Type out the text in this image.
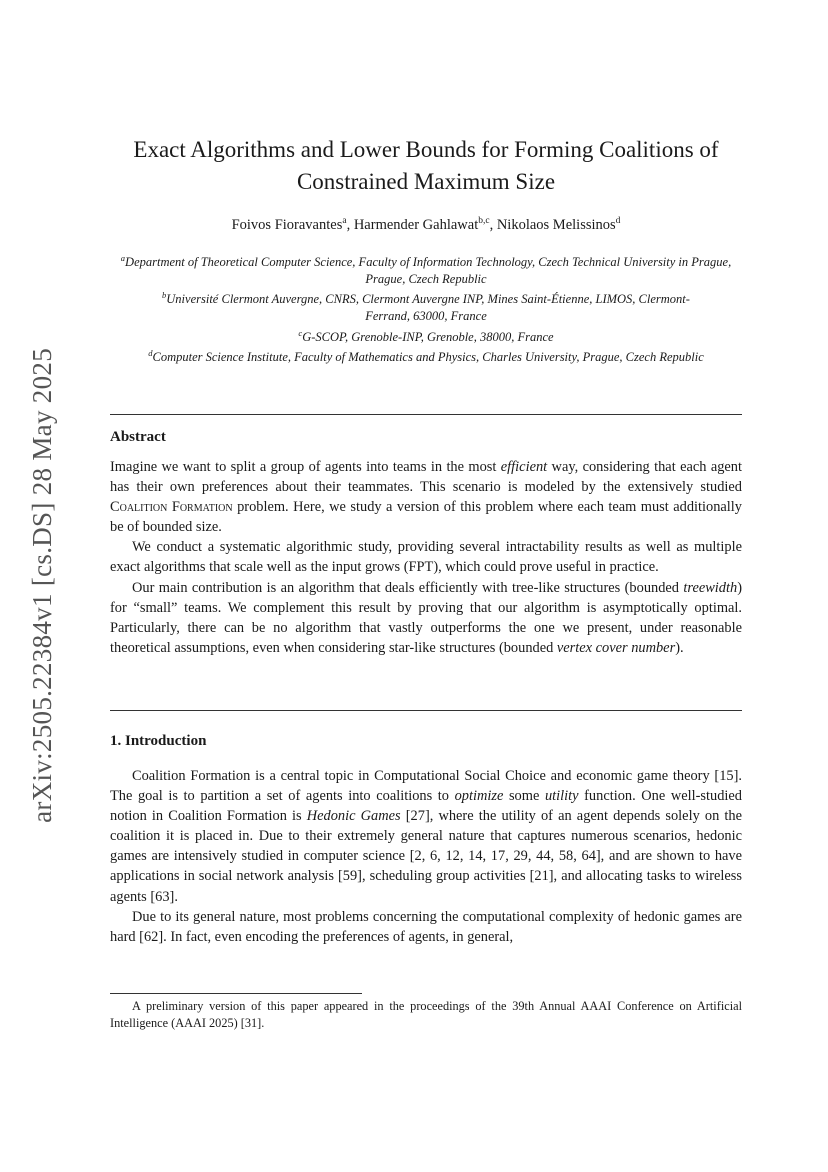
arXiv:2505.22384v1 [cs.DS] 28 May 2025
Exact Algorithms and Lower Bounds for Forming Coalitions of
Constrained Maximum Size
Foivos Fioravantes$^a$, Harmender Gahlawat$^{b,c}$, Nikolaos Melissinos$^d$
$^a$Department of Theoretical Computer Science, Faculty of Information Technology, Czech Technical University in Prague, Prague, Czech Republic
$^b$Université Clermont Auvergne, CNRS, Clermont Auvergne INP, Mines Saint-Étienne, LIMOS, Clermont-Ferrand, 63000, France
$^c$G-SCOP, Grenoble-INP, Grenoble, 38000, France
$^d$Computer Science Institute, Faculty of Mathematics and Physics, Charles University, Prague, Czech Republic
Abstract

Imagine we want to split a group of agents into teams in the most efficient way, considering that each agent has their own preferences about their teammates. This scenario is modeled by the extensively studied Coalition Formation problem. Here, we study a version of this problem where each team must additionally be of bounded size.

We conduct a systematic algorithmic study, providing several intractability results as well as multiple exact algorithms that scale well as the input grows (FPT), which could prove useful in practice.

Our main contribution is an algorithm that deals efficiently with tree-like structures (bounded treewidth) for “small” teams. We complement this result by proving that our algorithm is asymptotically optimal. Particularly, there can be no algorithm that vastly outperforms the one we present, under reasonable theoretical assumptions, even when considering star-like structures (bounded vertex cover number).

1. Introduction

Coalition Formation is a central topic in Computational Social Choice and economic game theory [15]. The goal is to partition a set of agents into coalitions to optimize some utility function. One well-studied notion in Coalition Formation is Hedonic Games [27], where the utility of an agent depends solely on the coalition it is placed in. Due to their extremely general nature that captures numerous scenarios, hedonic games are intensively studied in computer science [2, 6, 12, 14, 17, 29, 44, 58, 64], and are shown to have applications in social network analysis [59], scheduling group activities [21], and allocating tasks to wireless agents [63].

Due to its general nature, most problems concerning the computational complexity of hedonic games are hard [62]. In fact, even encoding the preferences of agents, in general,

A preliminary version of this paper appeared in the proceedings of the 39th Annual AAAI Conference on Artificial Intelligence (AAAI 2025) [31].
